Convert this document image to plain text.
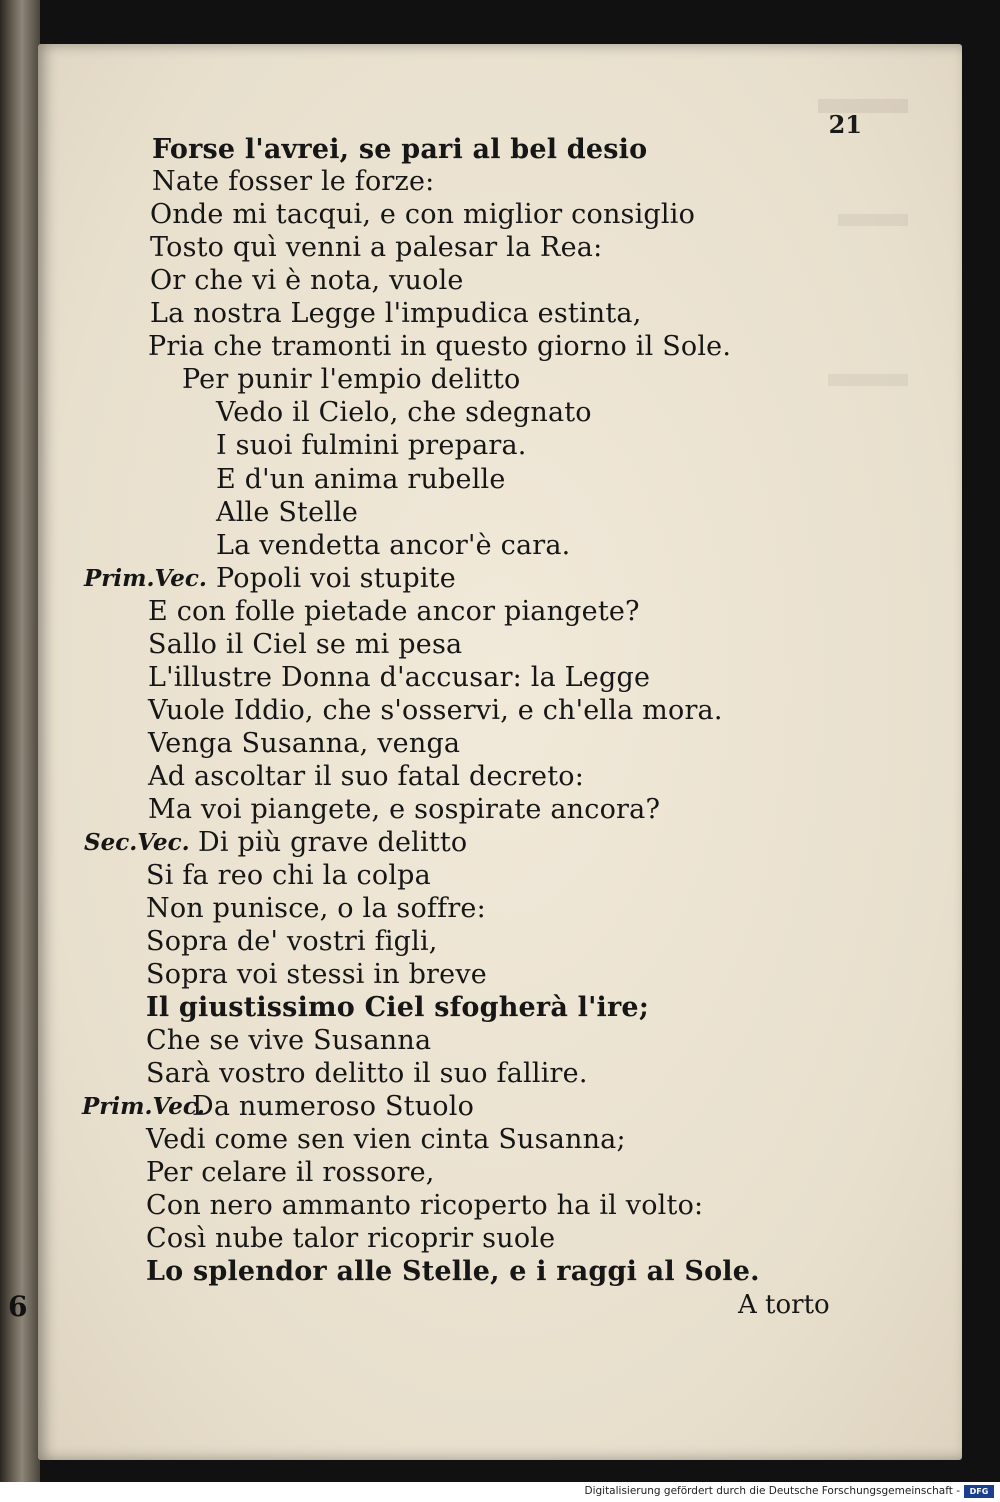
21

Forse l'avrei, se pari al bel desio
Nate fosser le forze:
Onde mi tacqui, e con miglior consiglio
Tosto quì venni a palesar la Rea:
Or che vi è nota, vuole
La nostra Legge l'impudica estinta,
Pria che tramonti in questo giorno il Sole.
Per punir l'empio delitto
Vedo il Cielo, che sdegnato
I suoi fulmini prepara.
E d'un anima rubelle
Alle Stelle
La vendetta ancor'è cara.
Prim.Vec. Popoli voi stupite
E con folle pietade ancor piangete?
Sallo il Ciel se mi pesa
L'illustre Donna d'accusar: la Legge
Vuole Iddio, che s'osservi, e ch'ella mora.
Venga Susanna, venga
Ad ascoltar il suo fatal decreto:
Ma voi piangete, e sospirate ancora?
Sec.Vec. Di più grave delitto
Si fa reo chi la colpa
Non punisce, o la soffre:
Sopra de' vostri figli,
Sopra voi stessi in breve
Il giustissimo Ciel sfogherà l'ire;
Che se vive Susanna
Sarà vostro delitto il suo fallire.
Prim.Vec.
Da numeroso Stuolo
Vedi come sen vien cinta Susanna;
Per celare il rossore,
Con nero ammanto ricoperto ha il volto:
Così nube talor ricoprir suole
Lo splendor alle Stelle, e i raggi al Sole.
A torto
6
Digitalisierung gefördert durch die Deutsche Forschungsgemeinschaft -	DFG
